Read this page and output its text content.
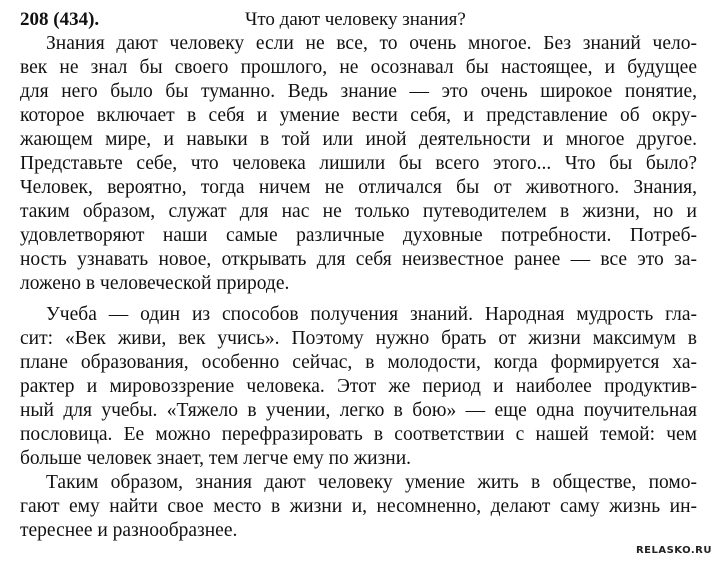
208 (434).	Что дают человеку знания?
Знания дают человеку если не все, то очень многое. Без знаний чело-
век не знал бы своего прошлого, не осознавал бы настоящее, и будущее
для него было бы туманно. Ведь знание — это очень широкое понятие,
которое включает в себя и умение вести себя, и представление об окру-
жающем мире, и навыки в той или иной деятельности и многое другое.
Представьте себе, что человека лишили бы всего этого... Что бы было?
Человек, вероятно, тогда ничем не отличался бы от животного. Знания,
таким образом, служат для нас не только путеводителем в жизни, но и
удовлетворяют наши самые различные духовные потребности. Потреб-
ность узнавать новое, открывать для себя неизвестное ранее — все это за-
ложено в человеческой природе.
Учеба — один из способов получения знаний. Народная мудрость гла-
сит: «Век живи, век учись». Поэтому нужно брать от жизни максимум в
плане образования, особенно сейчас, в молодости, когда формируется ха-
рактер и мировоззрение человека. Этот же период и наиболее продуктив-
ный для учебы. «Тяжело в учении, легко в бою» — еще одна поучительная
пословица. Ее можно перефразировать в соответствии с нашей темой: чем
больше человек знает, тем легче ему по жизни.
Таким образом, знания дают человеку умение жить в обществе, помо-
гают ему найти свое место в жизни и, несомненно, делают саму жизнь ин-
тереснее и разнообразнее.
RELASKO.RU
